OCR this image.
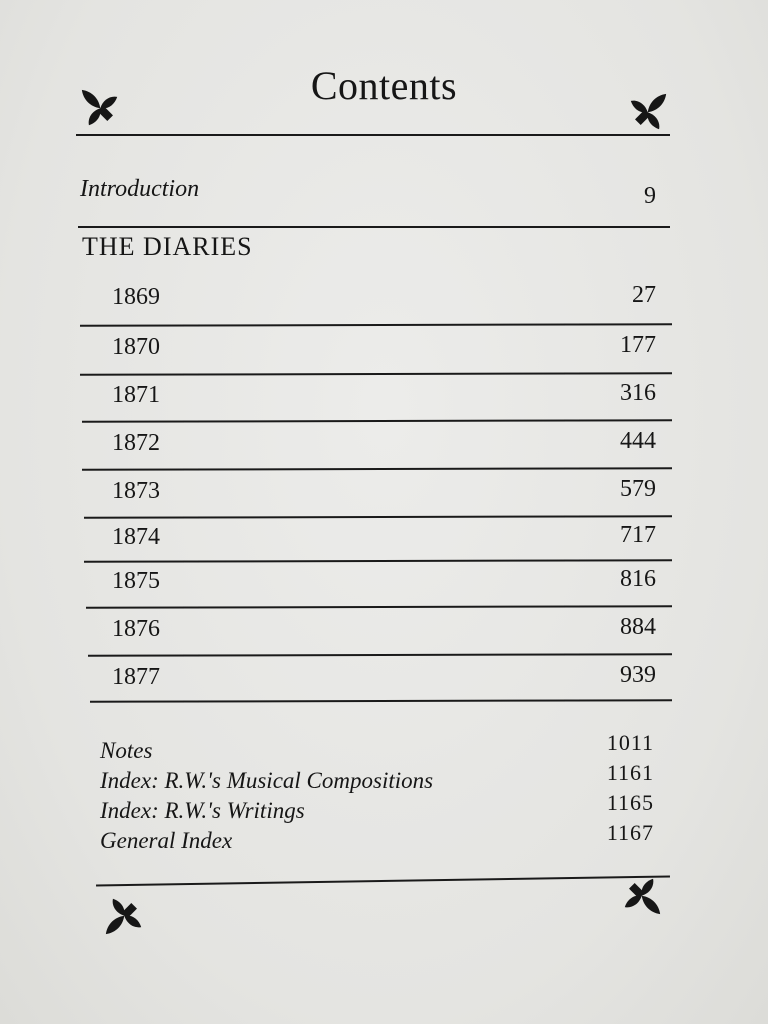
Contents
Introduction	9
THE DIARIES
1869	27
1870	177
1871	316
1872	444
1873	579
1874	717
1875	816
1876	884
1877	939
Notes	1011
Index: R.W.'s Musical Compositions	1161
Index: R.W.'s Writings	1165
General Index	1167
